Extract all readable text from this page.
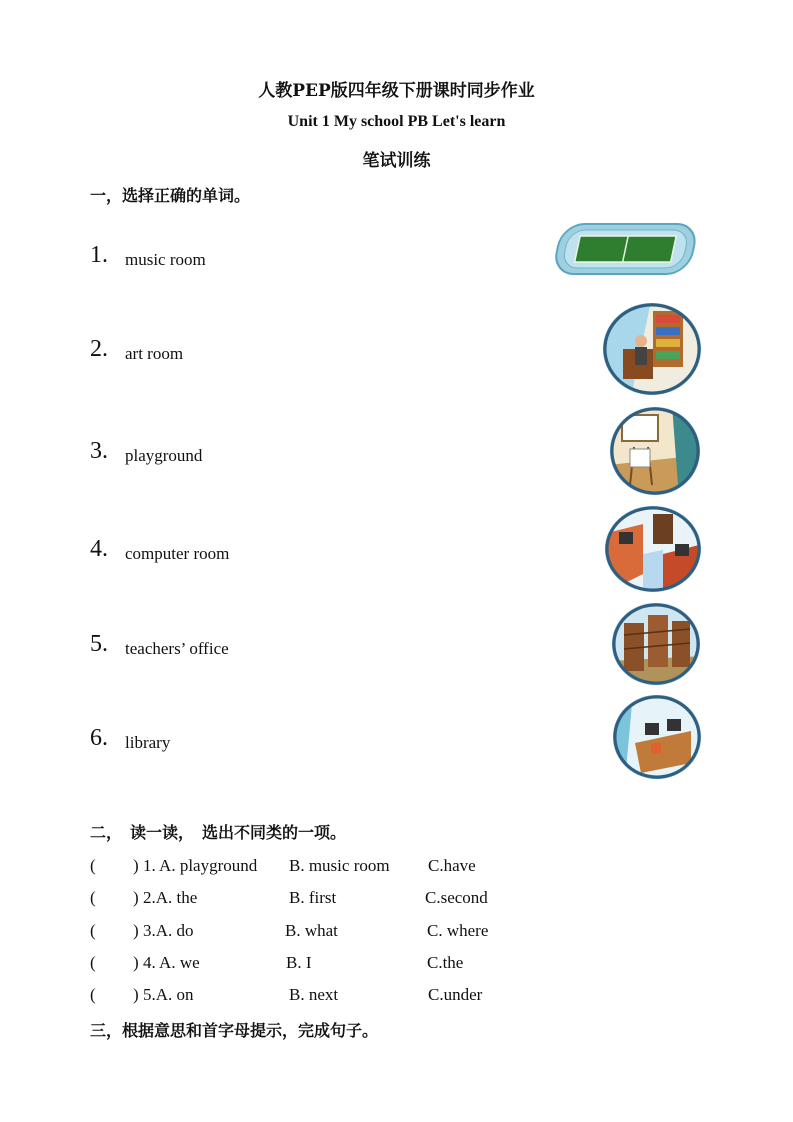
人教PEP版四年级下册课时同步作业
Unit 1 My school PB Let's learn
笔试训练
一，选择正确的单词。
1. music room
2. art room
3. playground
4. computer room
5. teachers’ office
6. library
二，　读一读，　选出不同类的一项。
( ) 1. A. playground B. music room C.have
( ) 2.A. the	B. first	C.second
( ) 3.A. do	B. what	C. where
( ) 4. A. we	B. I	C.the
( ) 5.A. on	B. next	C.under
三，根据意思和首字母提示，完成句子。
